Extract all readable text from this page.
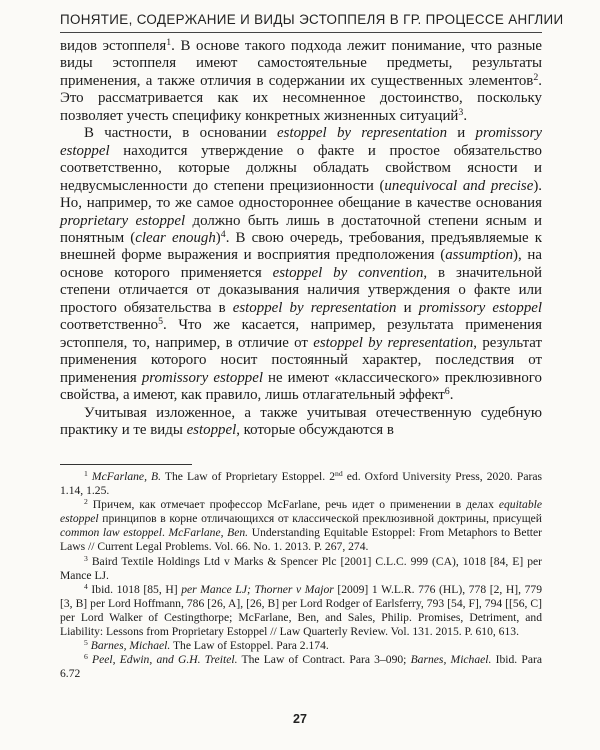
ПОНЯТИЕ, СОДЕРЖАНИЕ И ВИДЫ ЭСТОППЕЛЯ В ГР. ПРОЦЕССЕ АНГЛИИ

видов эстоппеля$^1$. В основе такого подхода лежит понимание, что разные виды эстоппеля имеют самостоятельные предметы, результаты применения, а также отличия в содержании их существенных элементов$^2$. Это рассматривается как их несомненное достоинство, поскольку позволяет учесть специфику конкретных жизненных ситуаций$^3$.

В частности, в основании estoppel by representation и promissory estoppel находится утверждение о факте и простое обязательство соответственно, которые должны обладать свойством ясности и недвусмысленности до степени прецизионности (unequivocal and precise). Но, например, то же самое одностороннее обещание в качестве основания proprietary estoppel должно быть лишь в достаточной степени ясным и понятным (clear enough)$^4$. В свою очередь, требования, предъявляемые к внешней форме выражения и восприятия предположения (assumption), на основе которого применяется estoppel by convention, в значительной степени отличается от доказывания наличия утверждения о факте или простого обязательства в estoppel by representation и promissory estoppel соответственно$^5$. Что же касается, например, результата применения эстоппеля, то, например, в отличие от estoppel by representation, результат применения которого носит постоянный характер, последствия от применения promissory estoppel не имеют «классического» преклюзивного свойства, а имеют, как правило, лишь отлагательный эффект$^6$.

Учитывая изложенное, а также учитывая отечественную судебную практику и те виды estoppel, которые обсуждаются в

$^1$ McFarlane, B. The Law of Proprietary Estoppel. 2nd ed. Oxford University Press, 2020. Paras 1.14, 1.25.

$^2$ Причем, как отмечает профессор McFarlane, речь идет о применении в делах equitable estoppel принципов в корне отличающихся от классической преклюзивной доктрины, присущей common law estoppel. McFarlane, Ben. Understanding Equitable Estoppel: From Metaphors to Better Laws // Current Legal Problems. Vol. 66. No. 1. 2013. P. 267, 274.

$^3$ Baird Textile Holdings Ltd v Marks & Spencer Plc [2001] C.L.C. 999 (CA), 1018 [84, E] per Mance LJ.

$^4$ Ibid. 1018 [85, H] per Mance LJ; Thorner v Major [2009] 1 W.L.R. 776 (HL), 778 [2, H], 779 [3, B] per Lord Hoffmann, 786 [26, A], [26, B] per Lord Rodger of Earlsferry, 793 [54, F], 794 [[56, C] per Lord Walker of Cestingthorpe; McFarlane, Ben, and Sales, Philip. Promises, Detriment, and Liability: Lessons from Proprietary Estoppel // Law Quarterly Review. Vol. 131. 2015. P. 610, 613.

$^5$ Barnes, Michael. The Law of Estoppel. Para 2.174.

$^6$ Peel, Edwin, and G.H. Treitel. The Law of Contract. Para 3–090; Barnes, Michael. Ibid. Para 6.72

27
